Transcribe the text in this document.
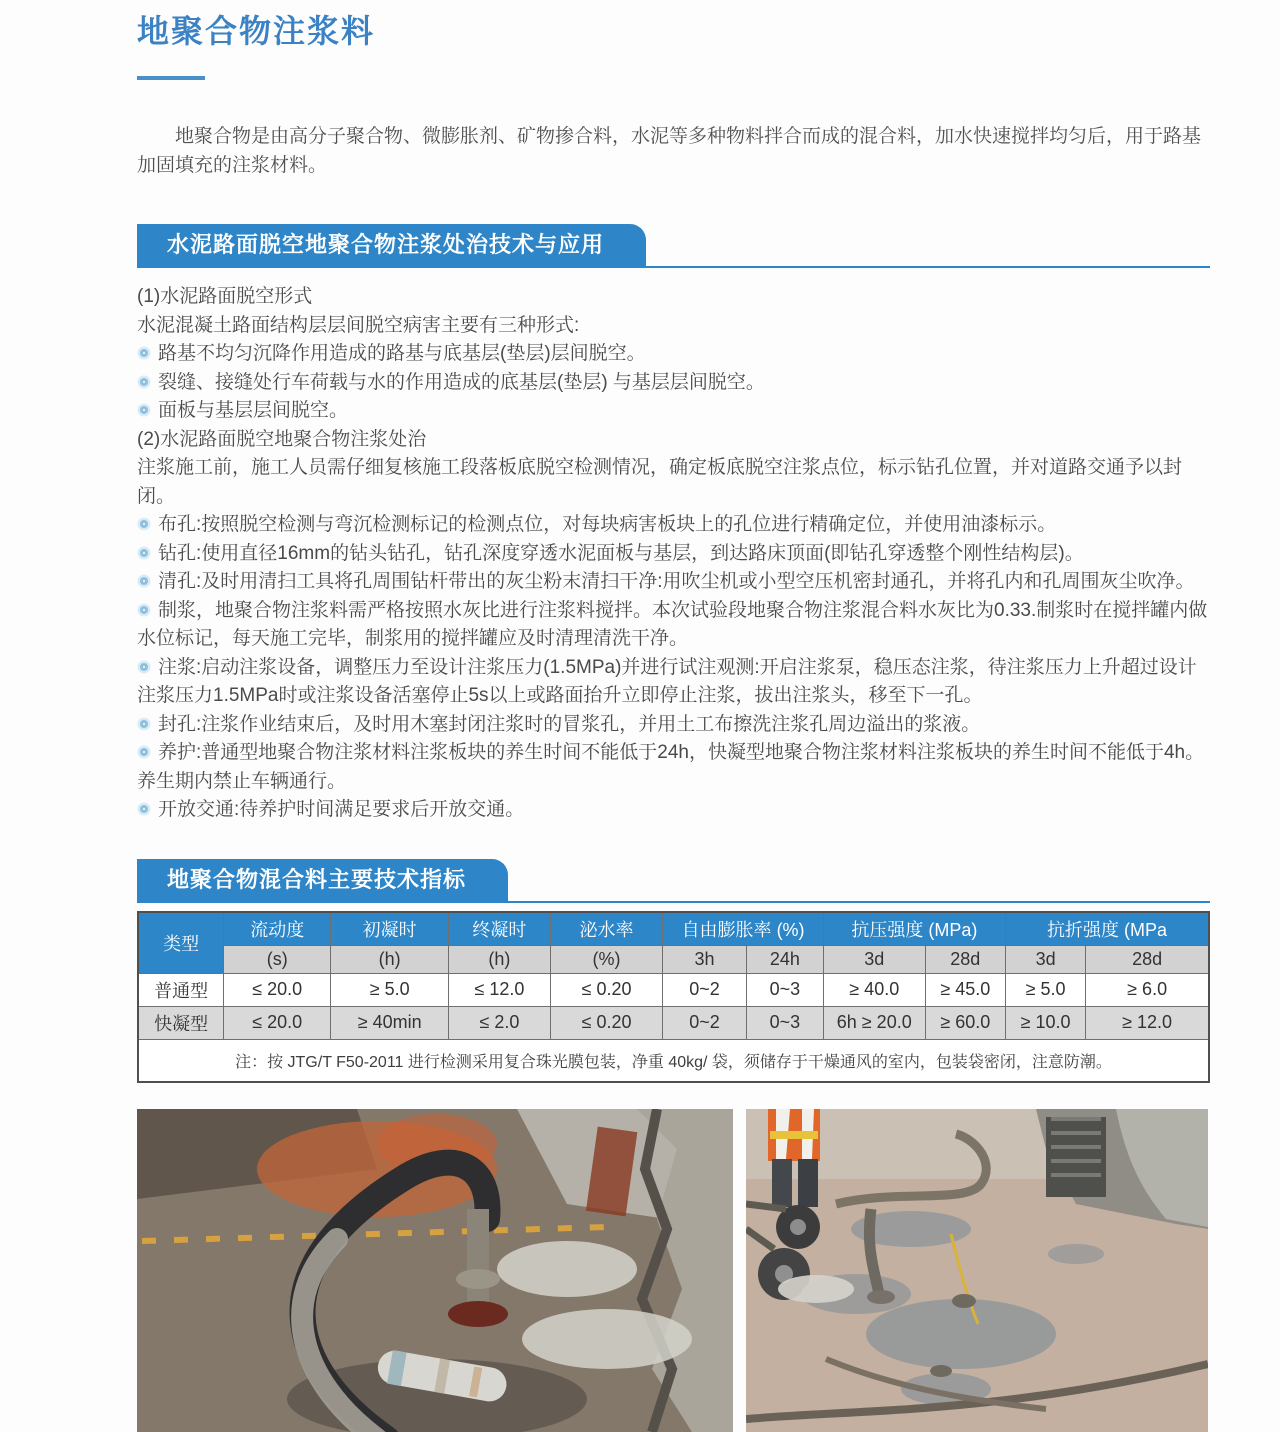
地聚合物注浆料

地聚合物是由高分子聚合物、微膨胀剂、矿物掺合料，水泥等多种物料拌合而成的混合料，加水快速搅拌均匀后，用于路基加固填充的注浆材料。

水泥路面脱空地聚合物注浆处治技术与应用

(1)水泥路面脱空形式

水泥混凝土路面结构层层间脱空病害主要有三种形式:

路基不均匀沉降作用造成的路基与底基层(垫层)层间脱空。

裂缝、接缝处行车荷载与水的作用造成的底基层(垫层) 与基层层间脱空。

面板与基层层间脱空。

(2)水泥路面脱空地聚合物注浆处治

注浆施工前，施工人员需仔细复核施工段落板底脱空检测情况，确定板底脱空注浆点位，标示钻孔位置，并对道路交通予以封闭。

布孔:按照脱空检测与弯沉检测标记的检测点位，对每块病害板块上的孔位进行精确定位，并使用油漆标示。

钻孔:使用直径16mm的钻头钻孔，钻孔深度穿透水泥面板与基层，到达路床顶面(即钻孔穿透整个刚性结构层)。

清孔:及时用清扫工具将孔周围钻杆带出的灰尘粉末清扫干净:用吹尘机或小型空压机密封通孔，并将孔内和孔周围灰尘吹净。

制浆，地聚合物注浆料需严格按照水灰比进行注浆料搅拌。本次试验段地聚合物注浆混合料水灰比为0.33.制浆时在搅拌罐内做水位标记，每天施工完毕，制浆用的搅拌罐应及时清理清洗干净。

注浆:启动注浆设备，调整压力至设计注浆压力(1.5MPa)并进行试注观测:开启注浆泵，稳压态注浆，待注浆压力上升超过设计注浆压力1.5MPa时或注浆设备活塞停止5s以上或路面抬升立即停止注浆，拔出注浆头，移至下一孔。

封孔:注浆作业结束后，及时用木塞封闭注浆时的冒浆孔，并用土工布擦洗注浆孔周边溢出的浆液。

养护:普通型地聚合物注浆材料注浆板块的养生时间不能低于24h，快凝型地聚合物注浆材料注浆板块的养生时间不能低于4h。养生期内禁止车辆通行。

开放交通:待养护时间满足要求后开放交通。

地聚合物混合料主要技术指标
类型	流动度	初凝时	终凝时	泌水率	自由膨胀率 (%)		抗压强度 (MPa)		抗折强度 (MPa	
	(s)	(h)	(h)	(%)	3h	24h	3d	28d	3d	28d
普通型	≤ 20.0	≥ 5.0	≤ 12.0	≤ 0.20	0~2	0~3	≥ 40.0	≥ 45.0	≥ 5.0	≥ 6.0
快凝型	≤ 20.0	≥ 40min	≤ 2.0	≤ 0.20	0~2	0~3	6h ≥ 20.0	≥ 60.0	≥ 10.0	≥ 12.0
注：按 JTG/T F50-2011 进行检测采用复合珠光膜包装，净重 40kg/ 袋，须储存于干燥通风的室内，包装袋密闭，注意防潮。										
